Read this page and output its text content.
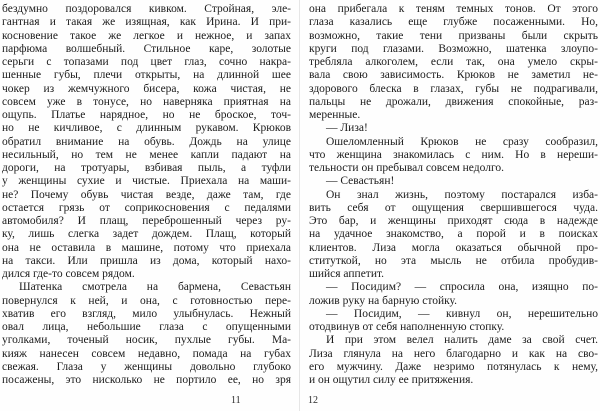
бездумно поздоровался кивком. Стройная, эле-
гантная и такая же изящная, как Ирина. И при-
косновение такое же легкое и нежное, и запах
парфюма волшебный. Стильное каре, золотые
серьги с топазами под цвет глаз, сочно накра-
шенные губы, плечи открыты, на длинной шее
чокер из жемчужного бисера, кожа чистая, не
совсем уже в тонусе, но наверняка приятная на
ощупь. Платье нарядное, но не броское, точ-
но не кичливое, с длинным рукавом. Крюков
обратил внимание на обувь. Дождь на улице
несильный, но тем не менее капли падают на
дороги, на тротуары, взбивая пыль, а туфли
у женщины сухие и чистые. Приехала на маши-
не? Почему обувь чистая везде, даже там, где
остается грязь от соприкосновения с педалями
автомобиля? И плащ, переброшенный через ру-
ку, лишь слегка задет дождем. Плащ, который
она не оставила в машине, потому что приехала
на такси. Или пришла из дома, который нахо-
дился где-то совсем рядом.
Шатенка смотрела на бармена, Севастьян
повернулся к ней, и она, с готовностью пере-
хватив его взгляд, мило улыбнулась. Нежный
овал лица, небольшие глаза с опущенными
уголками, точеный носик, пухлые губы. Ма-
кияж нанесен совсем недавно, помада на губах
свежая. Глаза у женщины довольно глубоко
посажены, это нисколько не портило ее, но зря
она прибегала к теням темных тонов. От этого
глаза казались еще глубже посаженными. Но,
возможно, такие тени призваны были скрыть
круги под глазами. Возможно, шатенка злоупо-
требляла алкоголем, если так, она умело скры-
вала свою зависимость. Крюков не заметил не-
здорового блеска в глазах, губы не подрагивали,
пальцы не дрожали, движения спокойные, раз-
меренные.
— Лиза!
Ошеломленный Крюков не сразу сообразил,
что женщина знакомилась с ним. Но в нереши-
тельности он пребывал совсем недолго.
— Севастьян!
Он знал жизнь, поэтому постарался изба-
вить себя от ощущения свершившегося чуда.
Это бар, и женщины приходят сюда в надежде
на удачное знакомство, а порой и в поисках
клиентов. Лиза могла оказаться обычной про-
ституткой, но эта мысль не отбила пробудив-
шийся аппетит.
— Посидим? — спросила она, изящно по-
ложив руку на барную стойку.
— Посидим, — кивнул он, нерешительно
отодвинув от себя наполненную стопку.
И при этом велел налить даме за свой счет.
Лиза глянула на него благодарно и как на сво-
его мужчину. Даже незримо потянулась к нему,
и он ощутил силу ее притяжения.
11	12
